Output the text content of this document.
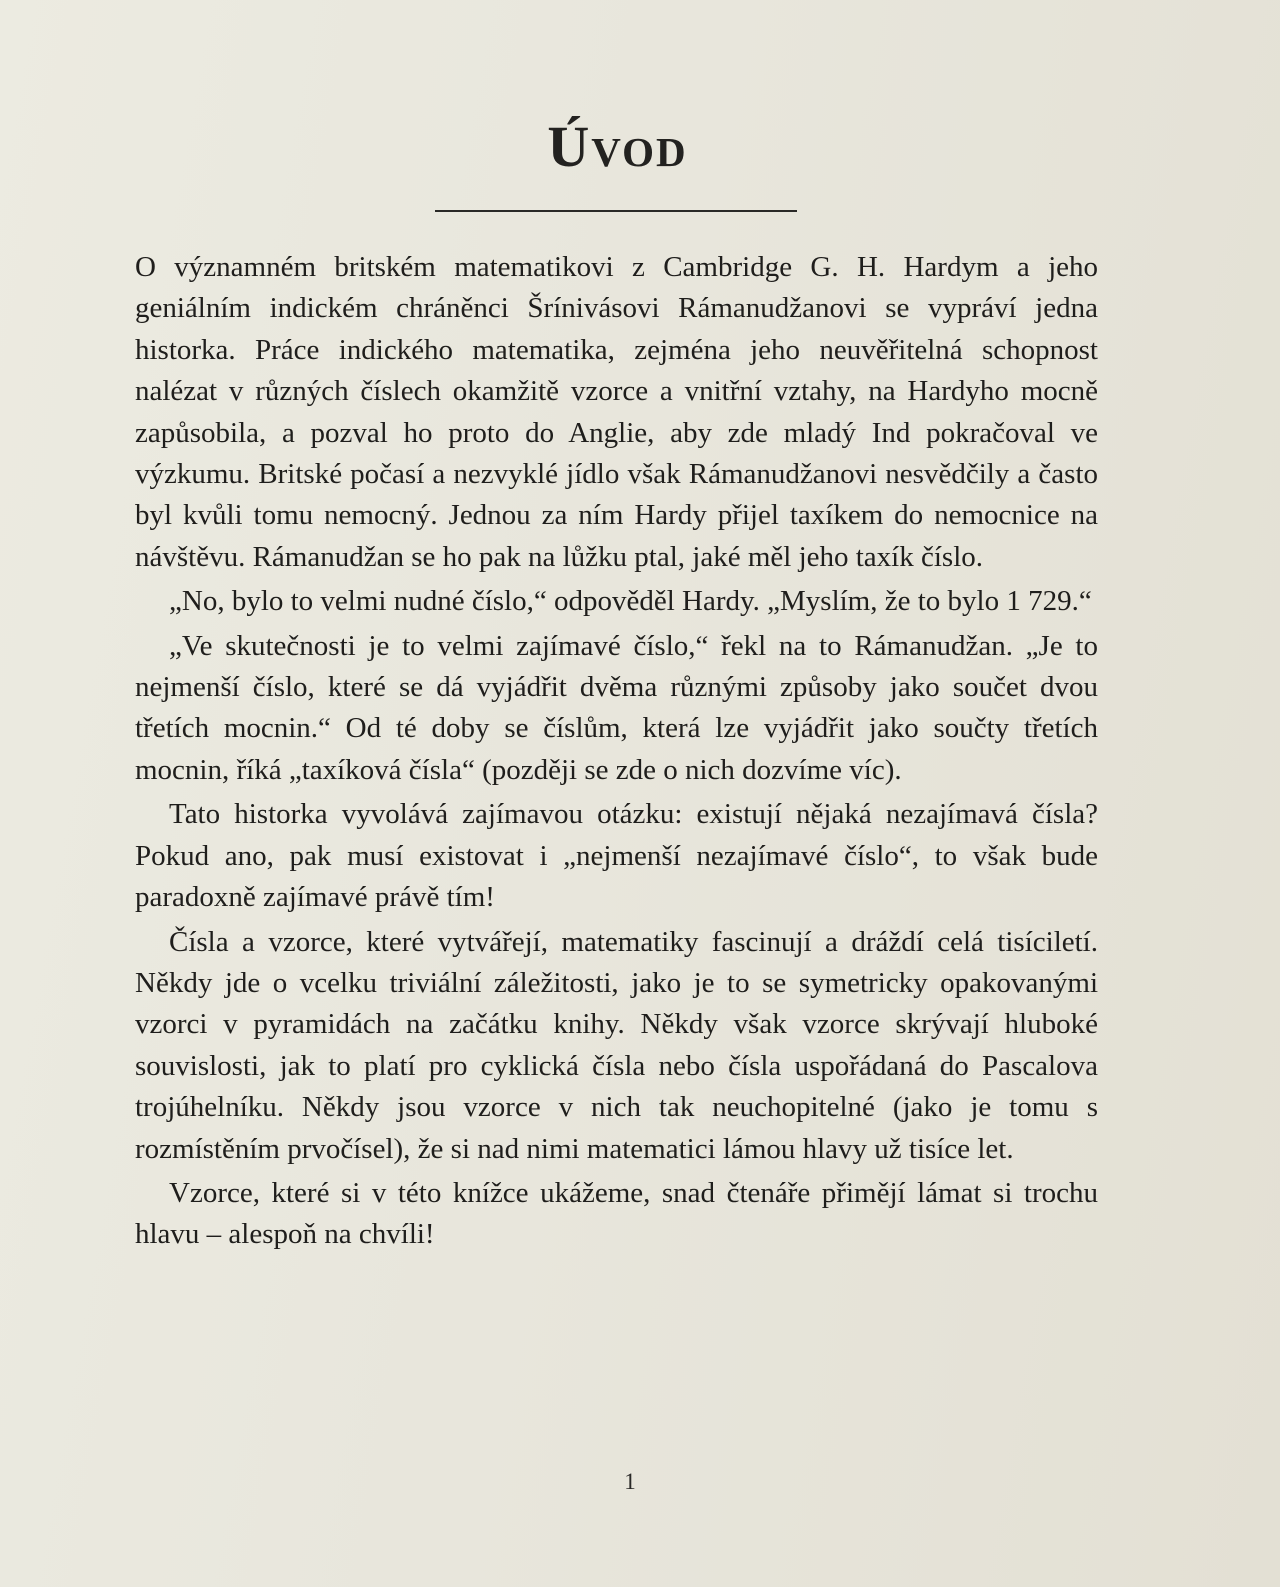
Úvod

O významném britském matematikovi z Cambridge G. H. Hardym a jeho geniálním indickém chráněnci Šrínivásovi Rámanudžanovi se vypráví jedna historka. Práce indického matematika, zejména jeho neuvěřitelná schopnost nalézat v různých číslech okamžitě vzorce a vnitřní vztahy, na Hardyho mocně zapůsobila, a pozval ho proto do Anglie, aby zde mladý Ind pokračoval ve výzkumu. Britské počasí a nezvyklé jídlo však Rámanudžanovi nesvědčily a často byl kvůli tomu nemocný. Jednou za ním Hardy přijel taxíkem do nemocnice na návštěvu. Rámanudžan se ho pak na lůžku ptal, jaké měl jeho taxík číslo.

„No, bylo to velmi nudné číslo,“ odpověděl Hardy. „Myslím, že to bylo 1 729.“

„Ve skutečnosti je to velmi zajímavé číslo,“ řekl na to Rámanudžan. „Je to nejmenší číslo, které se dá vyjádřit dvěma různými způsoby jako součet dvou třetích mocnin.“ Od té doby se číslům, která lze vyjádřit jako součty třetích mocnin, říká „taxíková čísla“ (později se zde o nich dozvíme víc).

Tato historka vyvolává zajímavou otázku: existují nějaká nezajímavá čísla? Pokud ano, pak musí existovat i „nejmenší nezajímavé číslo“, to však bude paradoxně zajímavé právě tím!

Čísla a vzorce, které vytvářejí, matematiky fascinují a dráždí celá tisíciletí. Někdy jde o vcelku triviální záležitosti, jako je to se symetricky opakovanými vzorci v pyramidách na začátku knihy. Někdy však vzorce skrývají hluboké souvislosti, jak to platí pro cyklická čísla nebo čísla uspořádaná do Pascalova trojúhelníku. Někdy jsou vzorce v nich tak neuchopitelné (jako je tomu s rozmístěním prvočísel), že si nad nimi matematici lámou hlavy už tisíce let.

Vzorce, které si v této knížce ukážeme, snad čtenáře přimějí lámat si trochu hlavu – alespoň na chvíli!

1
